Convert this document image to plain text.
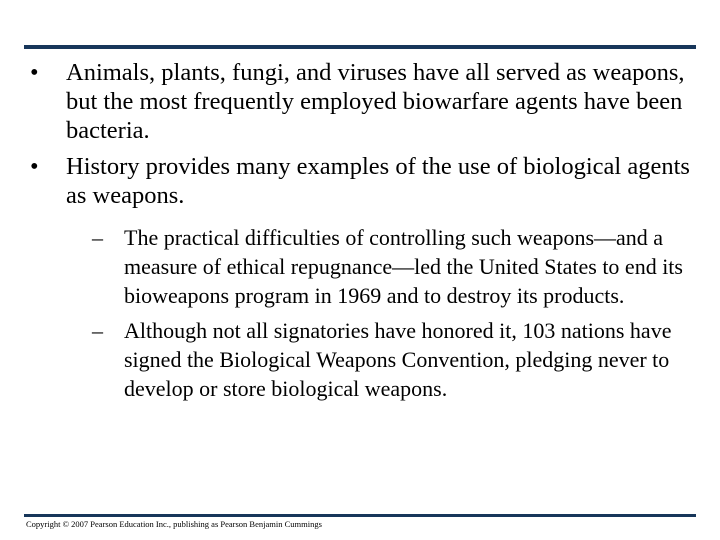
• Animals, plants, fungi, and viruses have all served as weapons, but the most frequently employed biowarfare agents have been bacteria.
• History provides many examples of the use of biological agents as weapons.
– The practical difficulties of controlling such weapons—and a measure of ethical repugnance—led the United States to end its bioweapons program in 1969 and to destroy its products.
– Although not all signatories have honored it, 103 nations have signed the Biological Weapons Convention, pledging never to develop or store biological weapons.
Copyright © 2007 Pearson Education Inc., publishing as Pearson Benjamin Cummings
